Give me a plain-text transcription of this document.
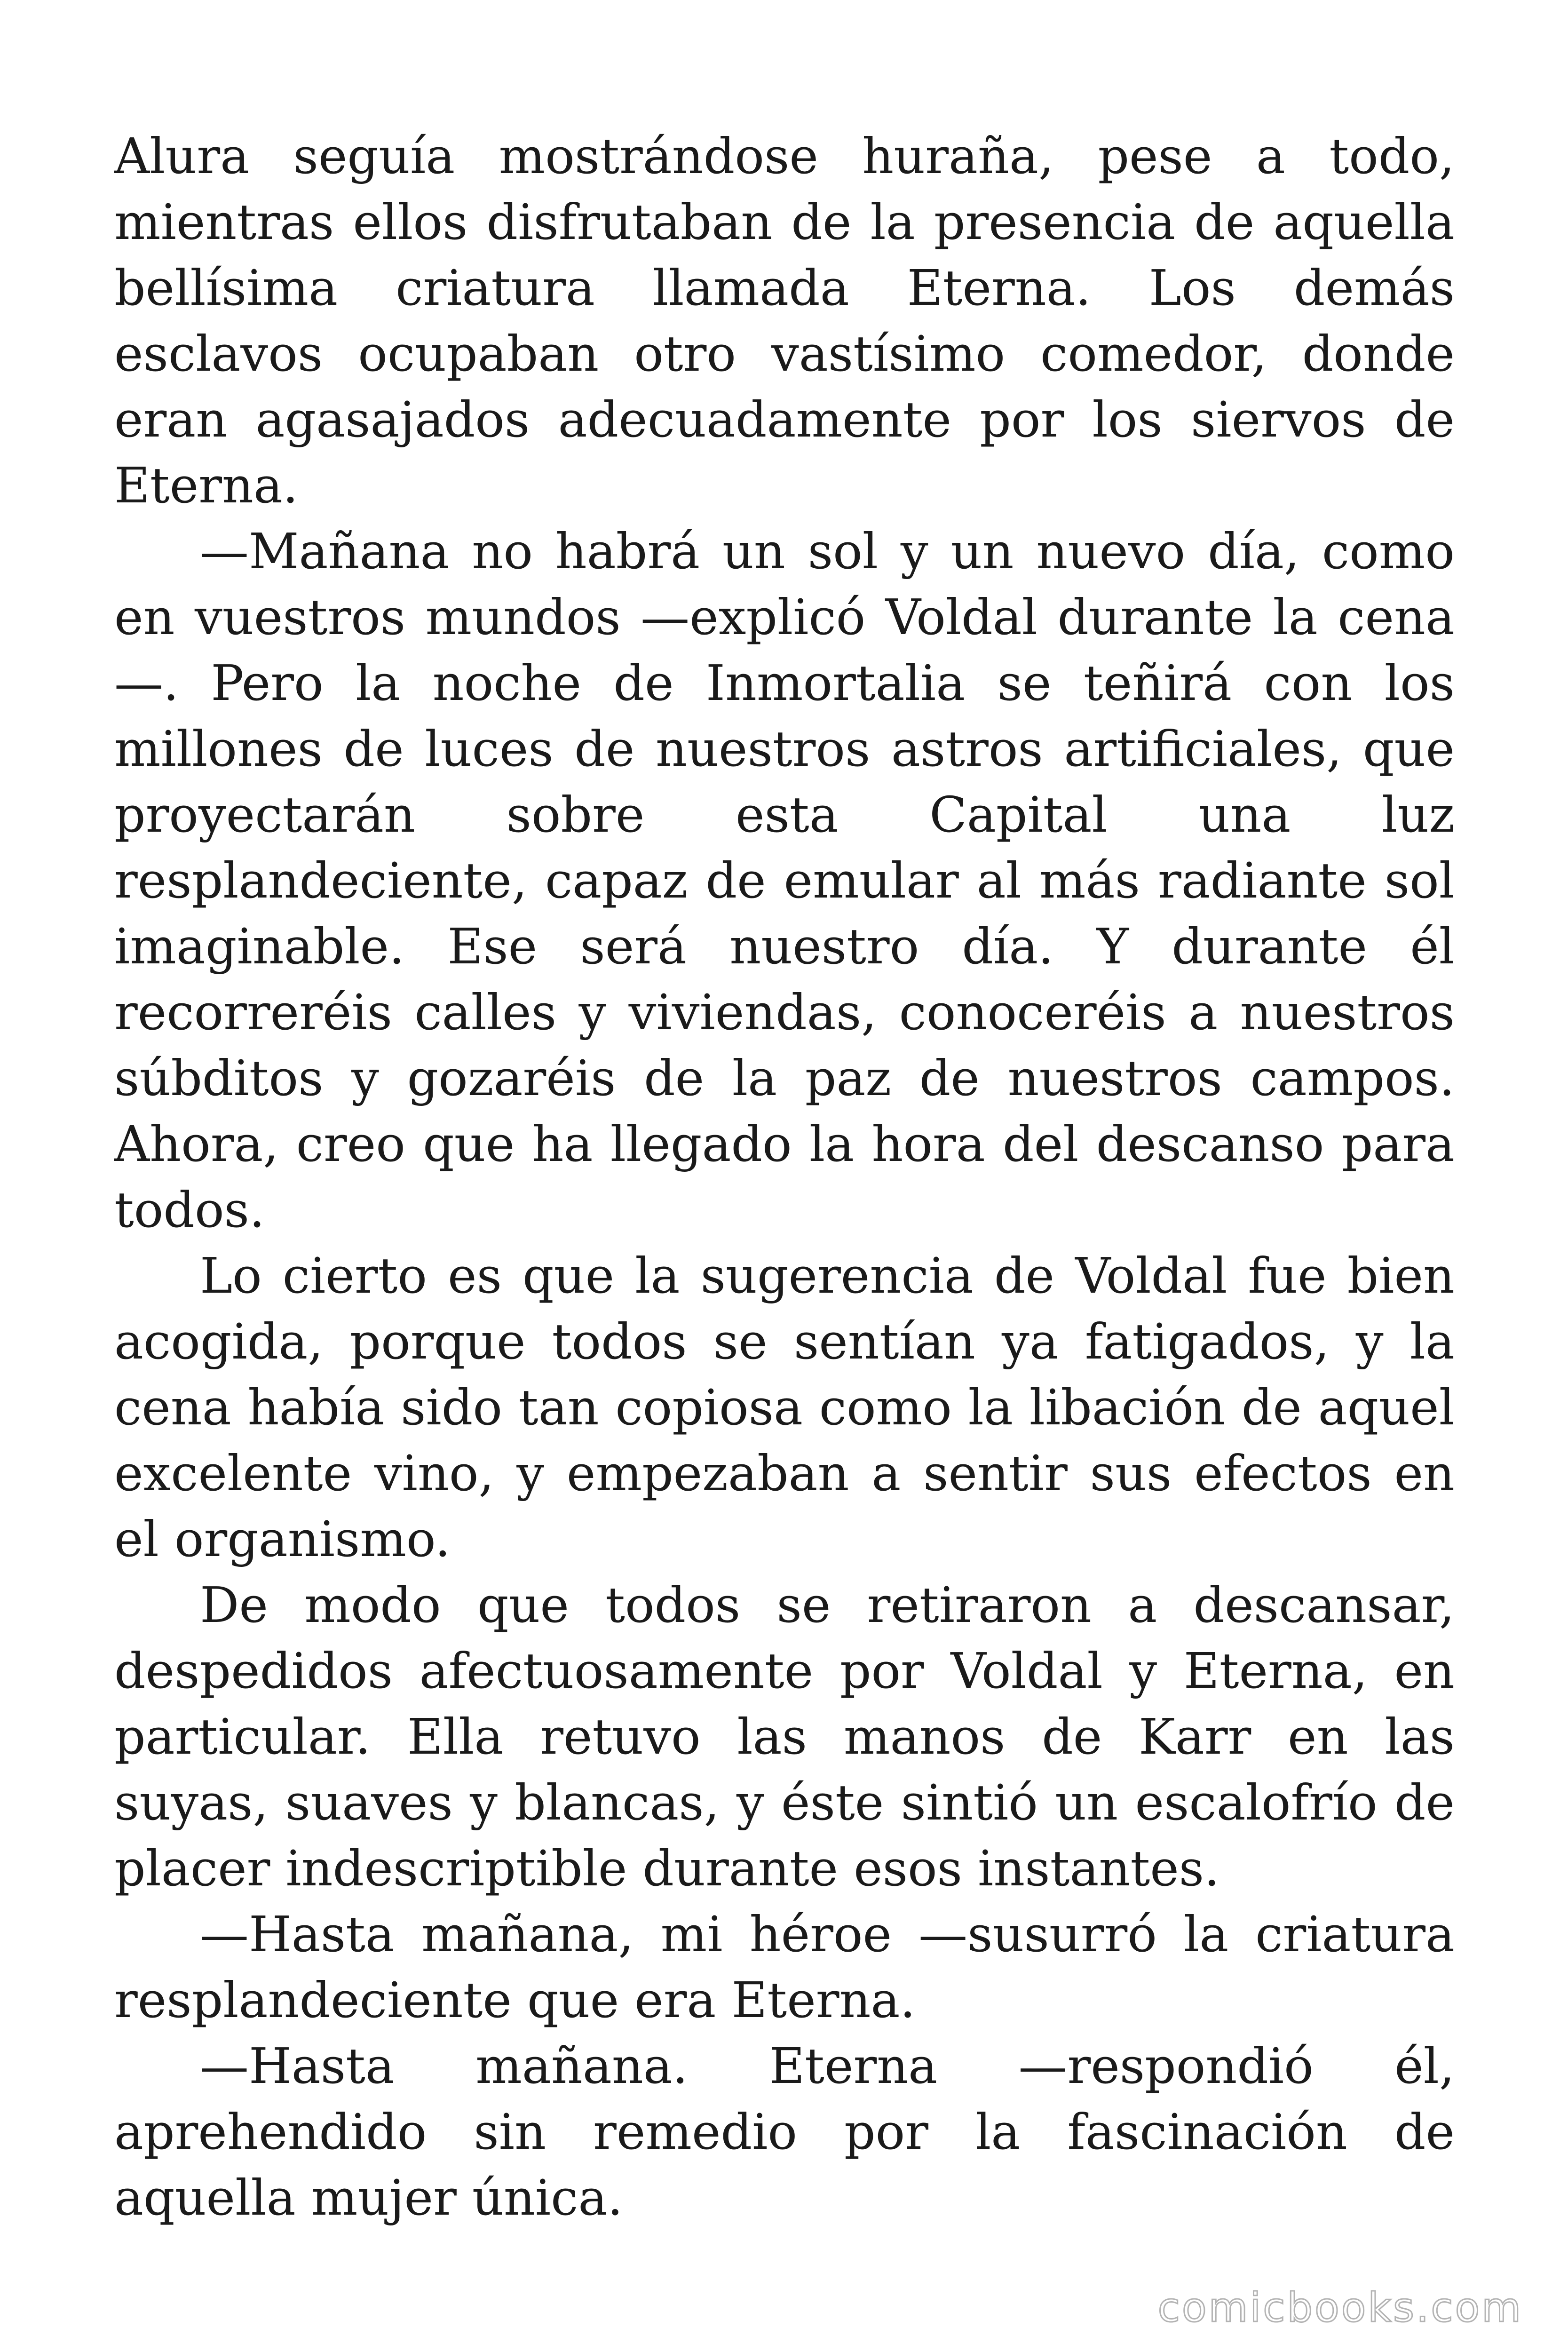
Alura seguía mostrándose huraña, pese a todo, mientras ellos disfrutaban de la presencia de aquella bellísima criatura llamada Eterna. Los demás esclavos ocupaban otro vastísimo comedor, donde eran agasajados adecuadamente por los siervos de Eterna.

—Mañana no habrá un sol y un nuevo día, como en vuestros mundos —explicó Voldal durante la cena —. Pero la noche de Inmortalia se teñirá con los millones de luces de nuestros astros artificiales, que proyectarán sobre esta Capital una luz resplandeciente, capaz de emular al más radiante sol imaginable. Ese será nuestro día. Y durante él recorreréis calles y viviendas, conoceréis a nuestros súbditos y gozaréis de la paz de nuestros campos. Ahora, creo que ha llegado la hora del descanso para todos.

Lo cierto es que la sugerencia de Voldal fue bien acogida, porque todos se sentían ya fatigados, y la cena había sido tan copiosa como la libación de aquel excelente vino, y empezaban a sentir sus efectos en el organismo.

De modo que todos se retiraron a descansar, despedidos afectuosamente por Voldal y Eterna, en particular. Ella retuvo las manos de Karr en las suyas, suaves y blancas, y éste sintió un escalofrío de placer indescriptible durante esos instantes.

—Hasta mañana, mi héroe —susurró la criatura resplandeciente que era Eterna.

—Hasta mañana. Eterna —respondió él, aprehendido sin remedio por la fascinación de aquella mujer única.

comicbooks.com
